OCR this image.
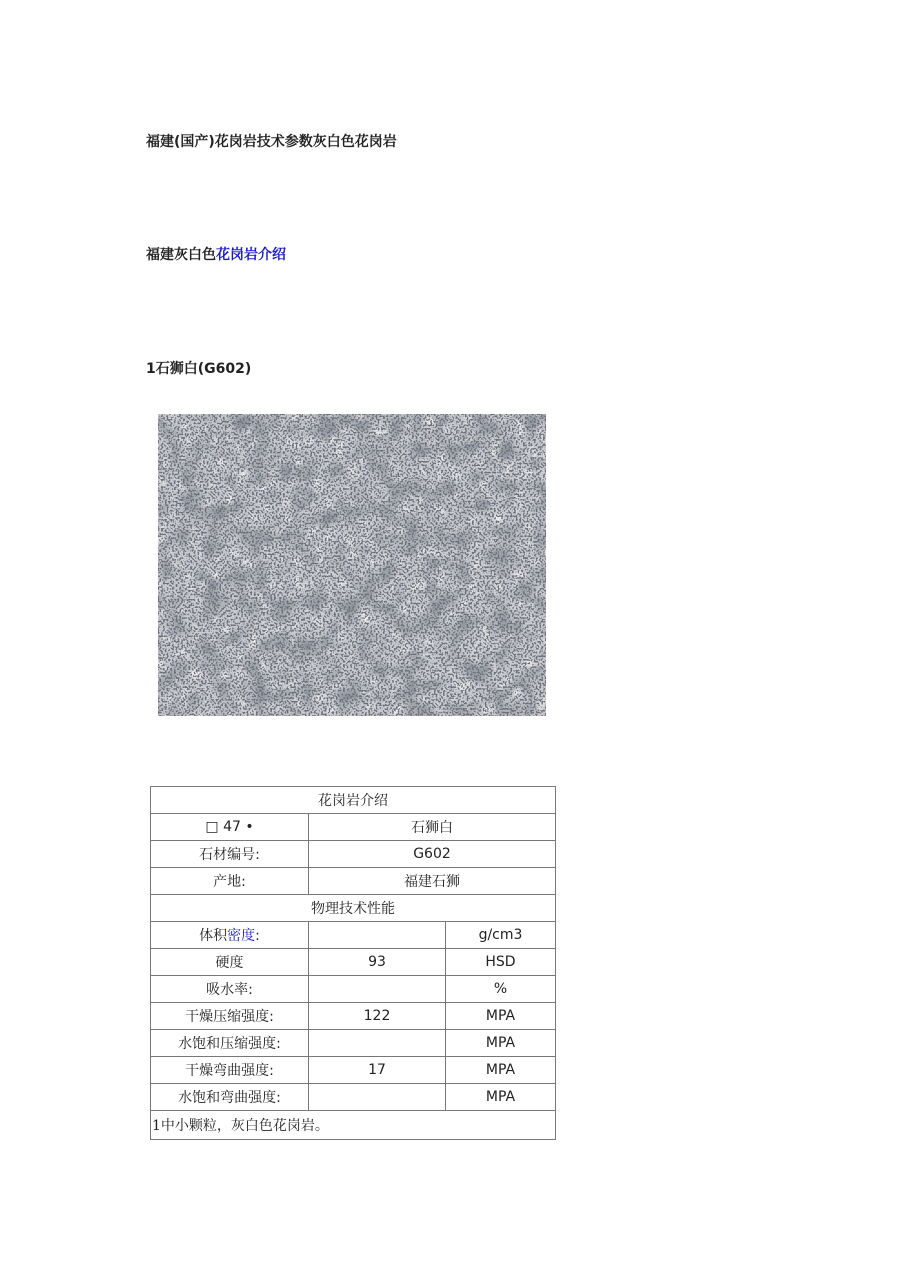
福建(国产)花岗岩技术参数灰白色花岗岩
福建灰白色花岗岩介绍
1石狮白(G602)
花岗岩介绍		
□ 47 •	石狮白	
石材编号:	G602	
产地:	福建石狮	
物理技术性能		
体积密度:		g/cm3
硬度	93	HSD
吸水率:		%
干燥压缩强度:	122	MPA
水饱和压缩强度:		MPA
干燥弯曲强度:	17	MPA
水饱和弯曲强度:		MPA
1中小颗粒，灰白色花岗岩。		
